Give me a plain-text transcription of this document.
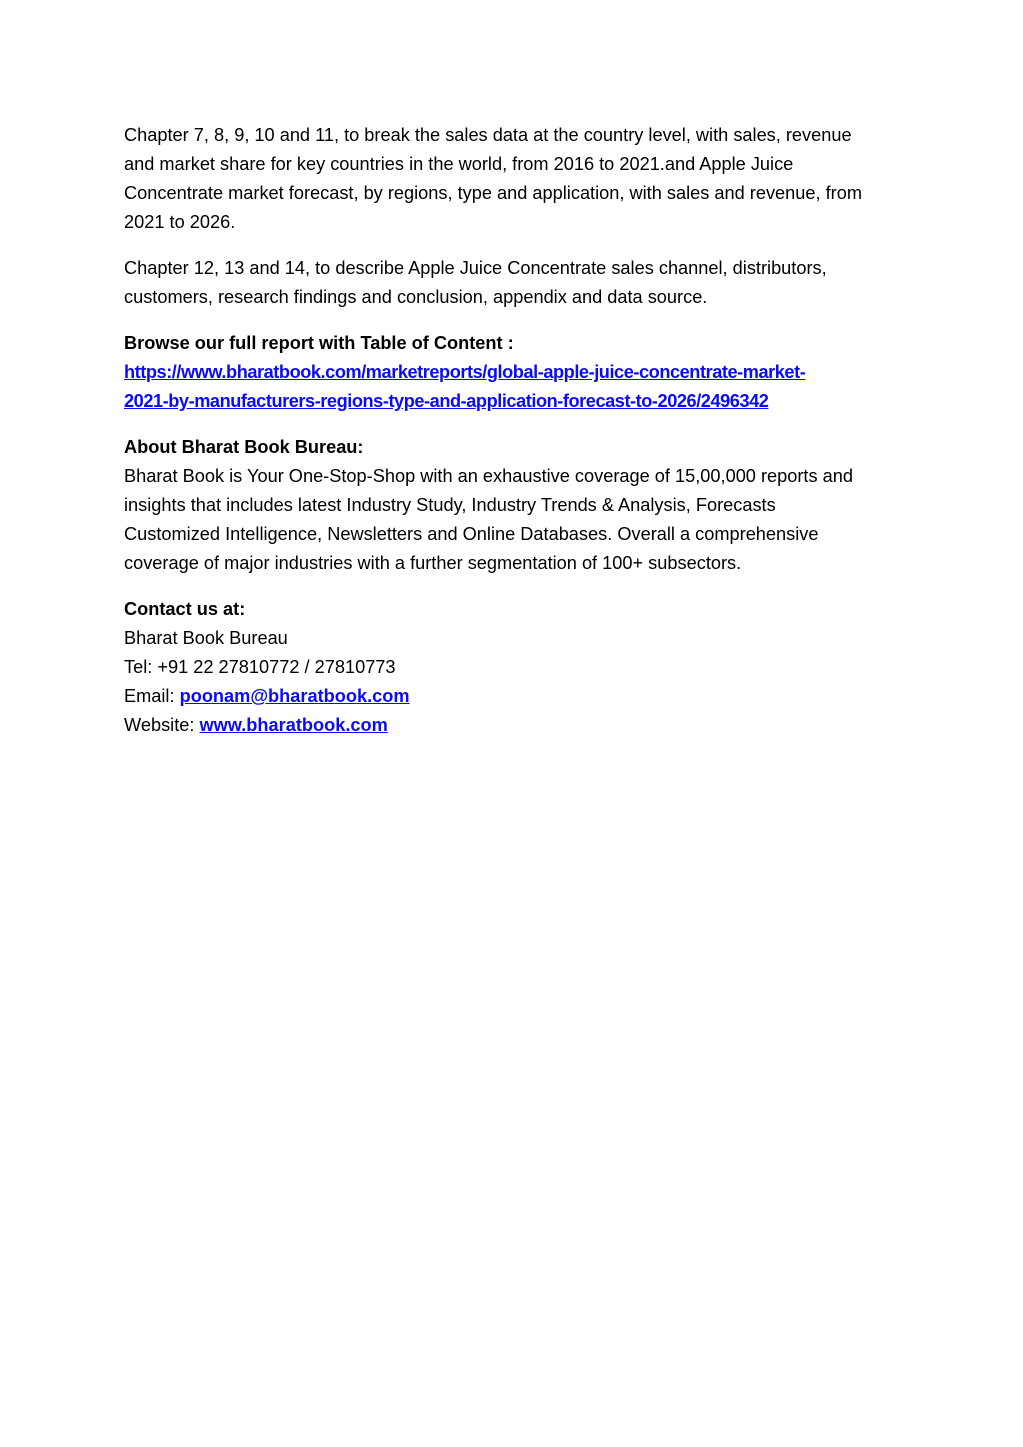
Chapter 7, 8, 9, 10 and 11, to break the sales data at the country level, with sales, revenue
and market share for key countries in the world, from 2016 to 2021.and Apple Juice
Concentrate market forecast, by regions, type and application, with sales and revenue, from
2021 to 2026.

Chapter 12, 13 and 14, to describe Apple Juice Concentrate sales channel, distributors,
customers, research findings and conclusion, appendix and data source.

Browse our full report with Table of Content :
https://www.bharatbook.com/marketreports/global-apple-juice-concentrate-market-
2021-by-manufacturers-regions-type-and-application-forecast-to-2026/2496342
About Bharat Book Bureau:
Bharat Book is Your One-Stop-Shop with an exhaustive coverage of 15,00,000 reports and
insights that includes latest Industry Study, Industry Trends & Analysis, Forecasts
Customized Intelligence, Newsletters and Online Databases. Overall a comprehensive
coverage of major industries with a further segmentation of 100+ subsectors.
Contact us at:
Bharat Book Bureau
Tel: +91 22 27810772 / 27810773
Email: poonam@bharatbook.com
Website: www.bharatbook.com
